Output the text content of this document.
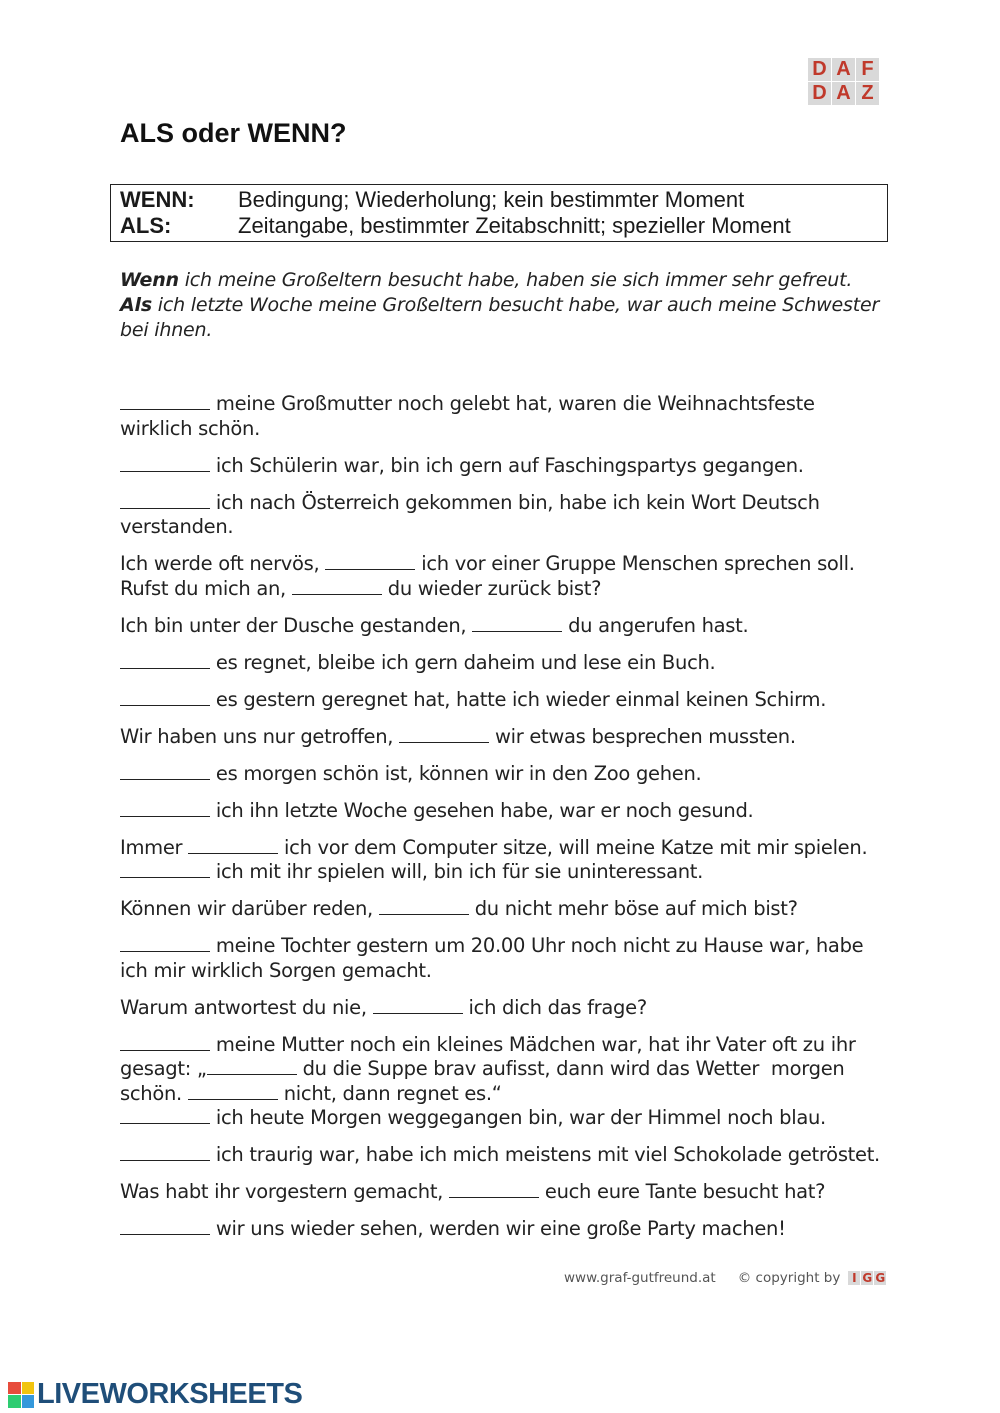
D A F
D A Z
ALS oder WENN?
WENN:	Bedingung; Wiederholung; kein bestimmter Moment
ALS:	Zeitangabe, bestimmter Zeitabschnitt; spezieller Moment
Wenn ich meine Großeltern besucht habe, haben sie sich immer sehr gefreut.
Als ich letzte Woche meine Großeltern besucht habe, war auch meine Schwester bei ihnen.
meine Großmutter noch gelebt hat, waren die Weihnachtsfeste wirklich schön.
ich Schülerin war, bin ich gern auf Faschingspartys gegangen.
ich nach Österreich gekommen bin, habe ich kein Wort Deutsch verstanden.
Ich werde oft nervös,	ich vor einer Gruppe Menschen sprechen soll. Rufst du mich an,	du wieder zurück bist?
Ich bin unter der Dusche gestanden,	du angerufen hast.
es regnet, bleibe ich gern daheim und lese ein Buch.
es gestern geregnet hat, hatte ich wieder einmal keinen Schirm.
Wir haben uns nur getroffen,	wir etwas besprechen mussten.
es morgen schön ist, können wir in den Zoo gehen.
ich ihn letzte Woche gesehen habe, war er noch gesund.
Immer	ich vor dem Computer sitze, will meine Katze mit mir spielen.  ich mit ihr spielen will, bin ich für sie uninteressant.
Können wir darüber reden,	du nicht mehr böse auf mich bist?
meine Tochter gestern um 20.00 Uhr noch nicht zu Hause war, habe ich mir wirklich Sorgen gemacht.
Warum antwortest du nie,	ich dich das frage?
meine Mutter noch ein kleines Mädchen war, hat ihr Vater oft zu ihr gesagt: „	du die Suppe brav aufisst, dann wird das Wetter  morgen schön.	nicht, dann regnet es.“
ich heute Morgen weggegangen bin, war der Himmel noch blau.
ich traurig war, habe ich mich meistens mit viel Schokolade getröstet.
Was habt ihr vorgestern gemacht,	euch eure Tante besucht hat?
wir uns wieder sehen, werden wir eine große Party machen!
www.graf-gutfreund.at © copyright by I G G
LIVEWORKSHEETS
